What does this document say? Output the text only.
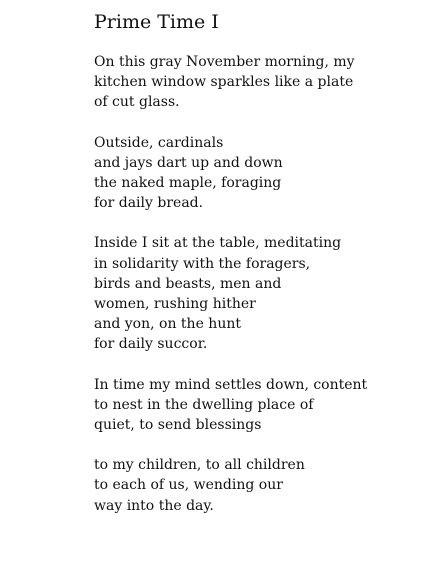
Prime Time I

On this gray November morning, my
kitchen window sparkles like a plate
of cut glass.

Outside, cardinals
and jays dart up and down
the naked maple, foraging
for daily bread.

Inside I sit at the table, meditating
in solidarity with the foragers,
birds and beasts, men and
women, rushing hither
and yon, on the hunt
for daily succor.

In time my mind settles down, content
to nest in the dwelling place of
quiet, to send blessings

to my children, to all children
to each of us, wending our
way into the day.
